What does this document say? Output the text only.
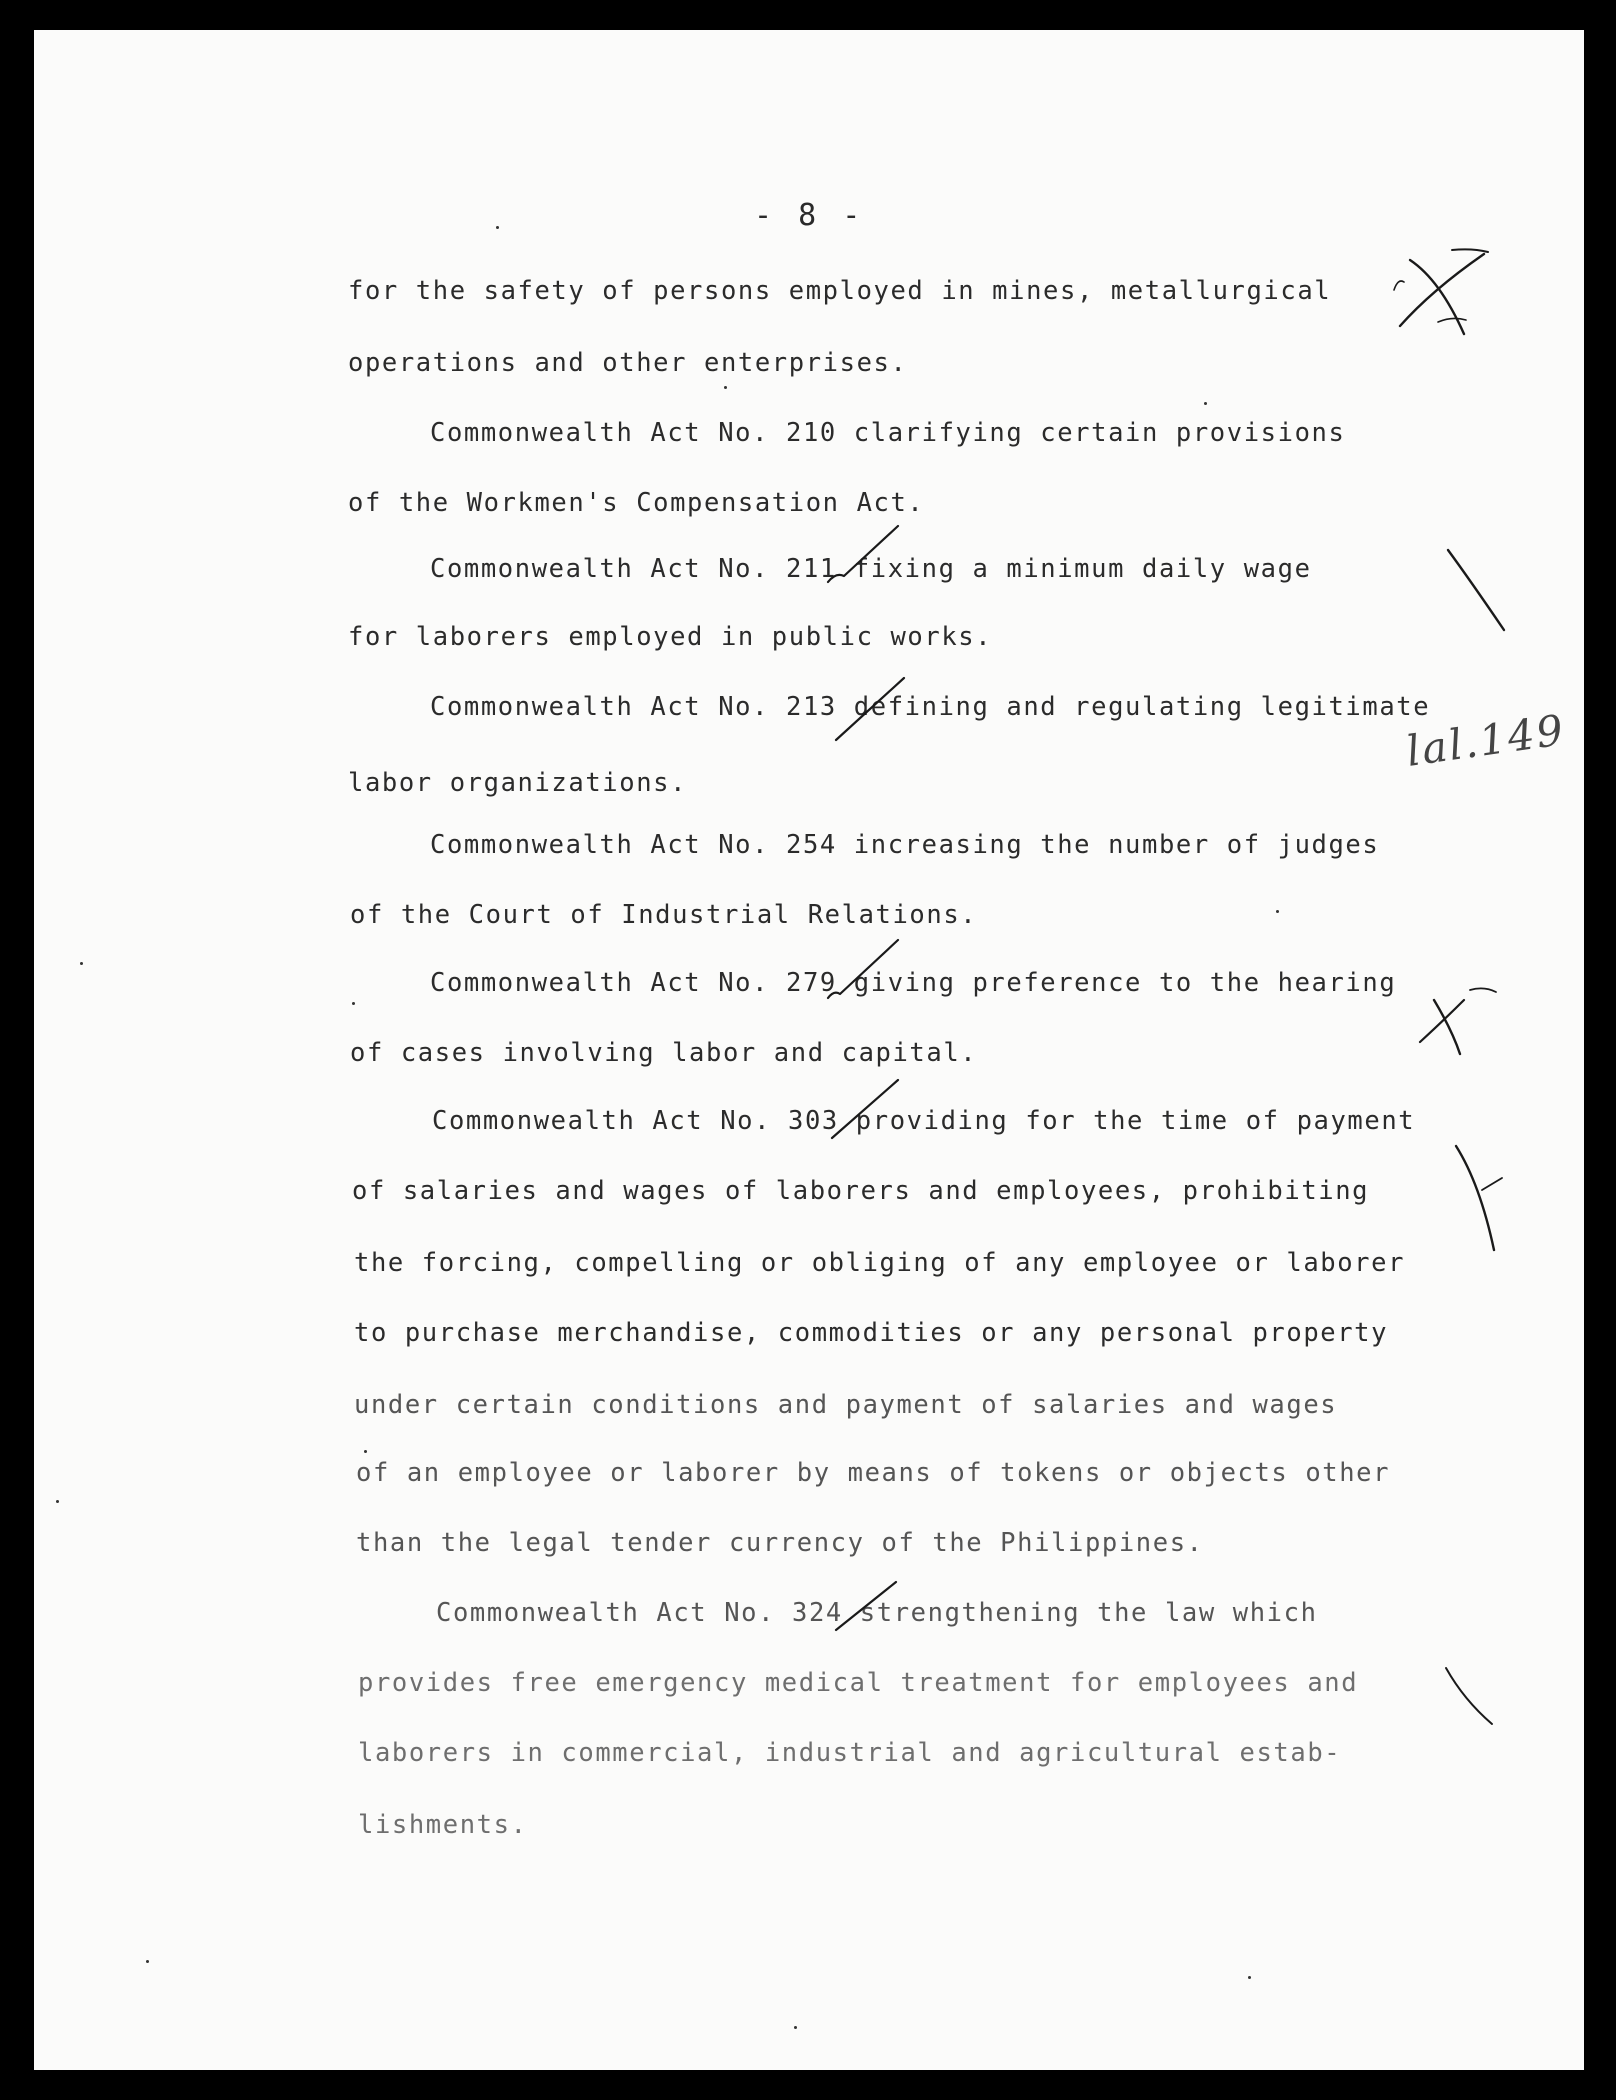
- 8 -
for the safety of persons employed in mines, metallurgical
operations and other enterprises.
Commonwealth Act No. 210 clarifying certain provisions
of the Workmen's Compensation Act.
Commonwealth Act No. 211 fixing a minimum daily wage
for laborers employed in public works.
Commonwealth Act No. 213 defining and regulating legitimate
labor organizations.
Commonwealth Act No. 254 increasing the number of judges
of the Court of Industrial Relations.
Commonwealth Act No. 279 giving preference to the hearing
of cases involving labor and capital.
Commonwealth Act No. 303 providing for the time of payment
of salaries and wages of laborers and employees, prohibiting
the forcing, compelling or obliging of any employee or laborer
to purchase merchandise, commodities or any personal property
under certain conditions and payment of salaries and wages
of an employee or laborer by means of tokens or objects other
than the legal tender currency of the Philippines.
Commonwealth Act No. 324 strengthening the law which
provides free emergency medical treatment for employees and
laborers in commercial, industrial and agricultural estab-
lishments.
lal.149
